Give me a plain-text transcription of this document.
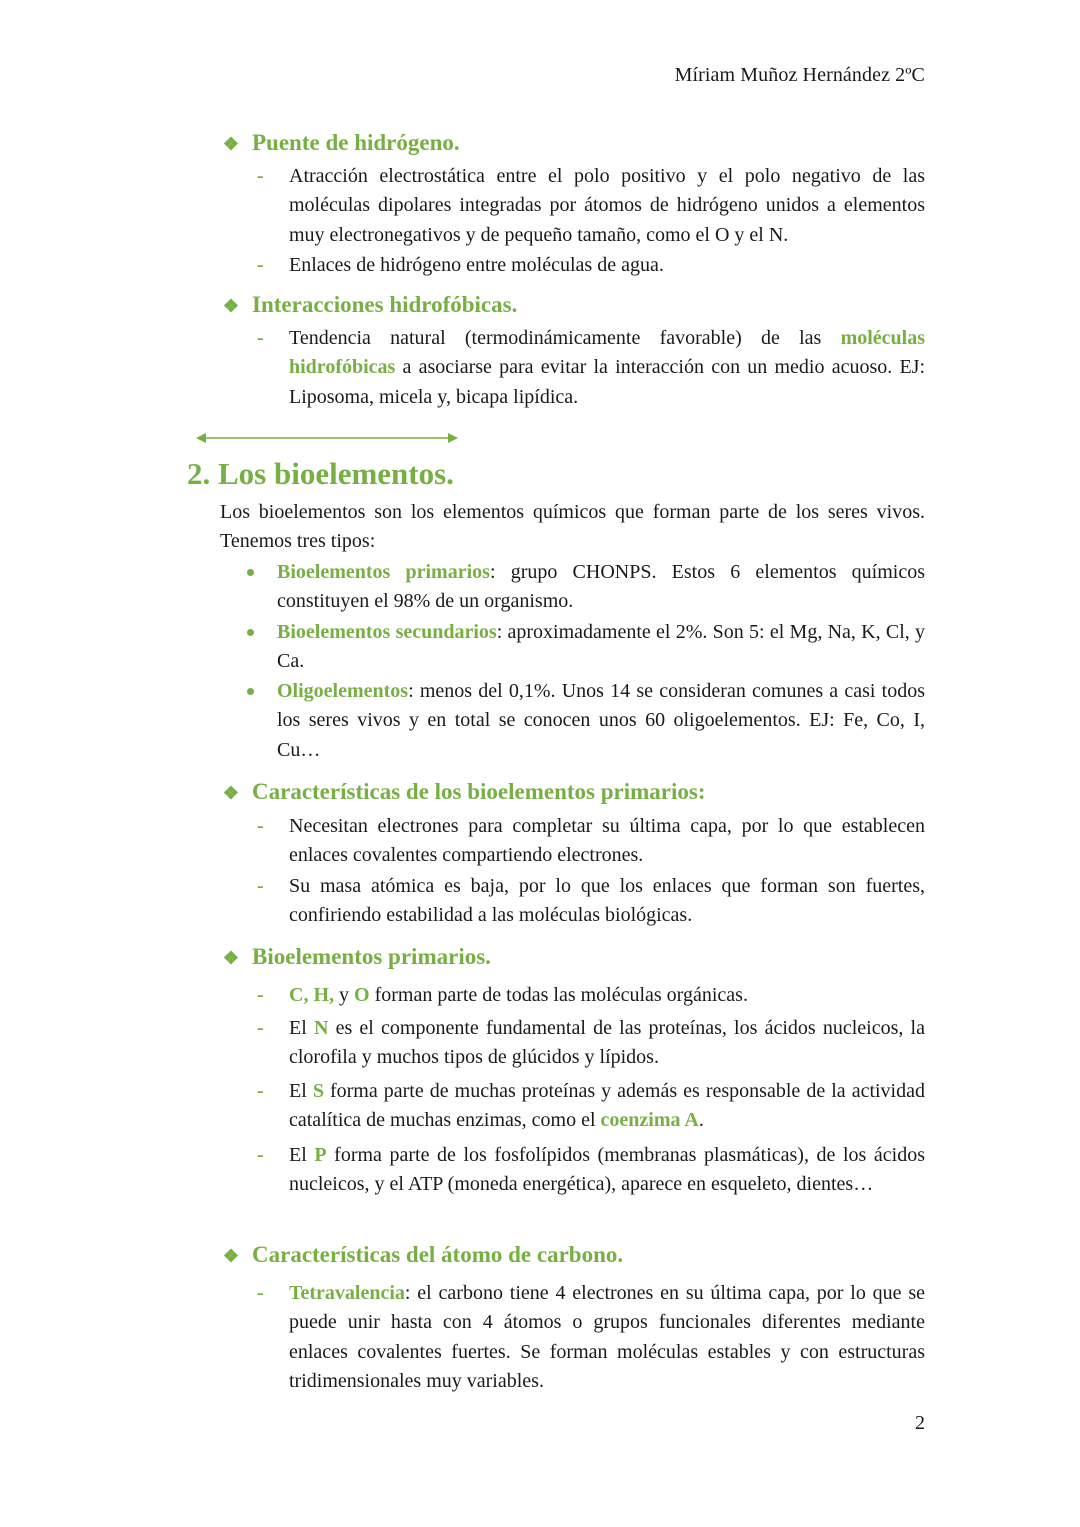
Míriam Muñoz Hernández 2ºC
2
❖ Puente de hidrógeno.
- Atracción electrostática entre el polo positivo y el polo negativo de las moléculas dipolares integradas por átomos de hidrógeno unidos a elementos muy electronegativos y de pequeño tamaño, como el O y el N.
- Enlaces de hidrógeno entre moléculas de agua.
❖ Interacciones hidrofóbicas.
- Tendencia natural (termodinámicamente favorable) de las moléculas hidrofóbicas a asociarse para evitar la interacción con un medio acuoso. EJ: Liposoma, micela y, bicapa lipídica.
2. Los bioelementos.
Los bioelementos son los elementos químicos que forman parte de los seres vivos. Tenemos tres tipos:
Bioelementos primarios: grupo CHONPS. Estos 6 elementos químicos constituyen el 98% de un organismo.
Bioelementos secundarios: aproximadamente el 2%. Son 5: el Mg, Na, K, Cl, y Ca.
Oligoelementos: menos del 0,1%. Unos 14 se consideran comunes a casi todos los seres vivos y en total se conocen unos 60 oligoelementos. EJ: Fe, Co, I, Cu…
❖ Características de los bioelementos primarios:
- Necesitan electrones para completar su última capa, por lo que establecen enlaces covalentes compartiendo electrones.
- Su masa atómica es baja, por lo que los enlaces que forman son fuertes, confiriendo estabilidad a las moléculas biológicas.
❖ Bioelementos primarios.
- C, H, y O forman parte de todas las moléculas orgánicas.
- El N es el componente fundamental de las proteínas, los ácidos nucleicos, la clorofila y muchos tipos de glúcidos y lípidos.
- El S forma parte de muchas proteínas y además es responsable de la actividad catalítica de muchas enzimas, como el coenzima A.
- El P forma parte de los fosfolípidos (membranas plasmáticas), de los ácidos nucleicos, y el ATP (moneda energética), aparece en esqueleto, dientes…
❖ Características del átomo de carbono.
- Tetravalencia: el carbono tiene 4 electrones en su última capa, por lo que se puede unir hasta con 4 átomos o grupos funcionales diferentes mediante enlaces covalentes fuertes. Se forman moléculas estables y con estructuras tridimensionales muy variables.
